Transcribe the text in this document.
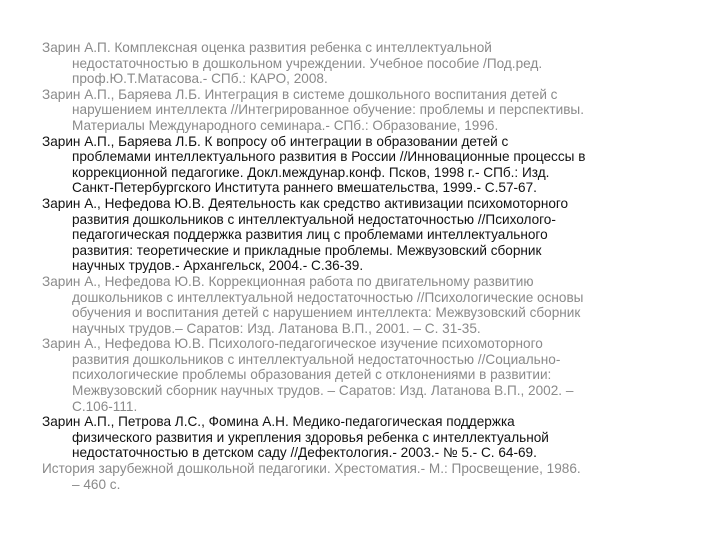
Зарин А.П. Комплексная оценка развития ребенка с интеллектуальной
недостаточностью в дошкольном учреждении. Учебное пособие /Под.ред.
проф.Ю.Т.Матасова.- СПб.: КАРО, 2008.

Зарин А.П., Баряева Л.Б. Интеграция в системе дошкольного воспитания детей с
нарушением интеллекта //Интегрированное обучение: проблемы и перспективы.
Материалы Международного семинара.- СПб.: Образование, 1996.

Зарин А.П., Баряева Л.Б. К вопросу об интеграции в образовании детей с
проблемами интеллектуального развития в России //Инновационные процессы в
коррекционной педагогике. Докл.междунар.конф. Псков, 1998 г.- СПб.: Изд.
Санкт-Петербургского Института раннего вмешательства, 1999.- С.57-67.

Зарин А., Нефедова Ю.В. Деятельность как средство активизации психомоторного
развития дошкольников с интеллектуальной недостаточностью //Психолого-
педагогическая поддержка развития лиц с проблемами интеллектуального
развития: теоретические и прикладные проблемы. Межвузовский сборник
научных трудов.- Архангельск, 2004.- С.36-39.

Зарин А., Нефедова Ю.В. Коррекционная работа по двигательному развитию
дошкольников с интеллектуальной недостаточностью //Психологические основы
обучения и воспитания детей с нарушением интеллекта: Межвузовский сборник
научных трудов.– Саратов: Изд. Латанова В.П., 2001. – С. 31-35.

Зарин А., Нефедова Ю.В. Психолого-педагогическое изучение психомоторного
развития дошкольников с интеллектуальной недостаточностью //Социально-
психологические проблемы образования детей с отклонениями в развитии:
Межвузовский сборник научных трудов. – Саратов: Изд. Латанова В.П., 2002. –
С.106-111.

Зарин А.П., Петрова Л.С., Фомина А.Н. Медико-педагогическая поддержка
физического развития и укрепления здоровья ребенка с интеллектуальной
недостаточностью в детском саду //Дефектология.- 2003.- № 5.- С. 64-69.

История зарубежной дошкольной педагогики. Хрестоматия.- М.: Просвещение, 1986.
– 460 с.
